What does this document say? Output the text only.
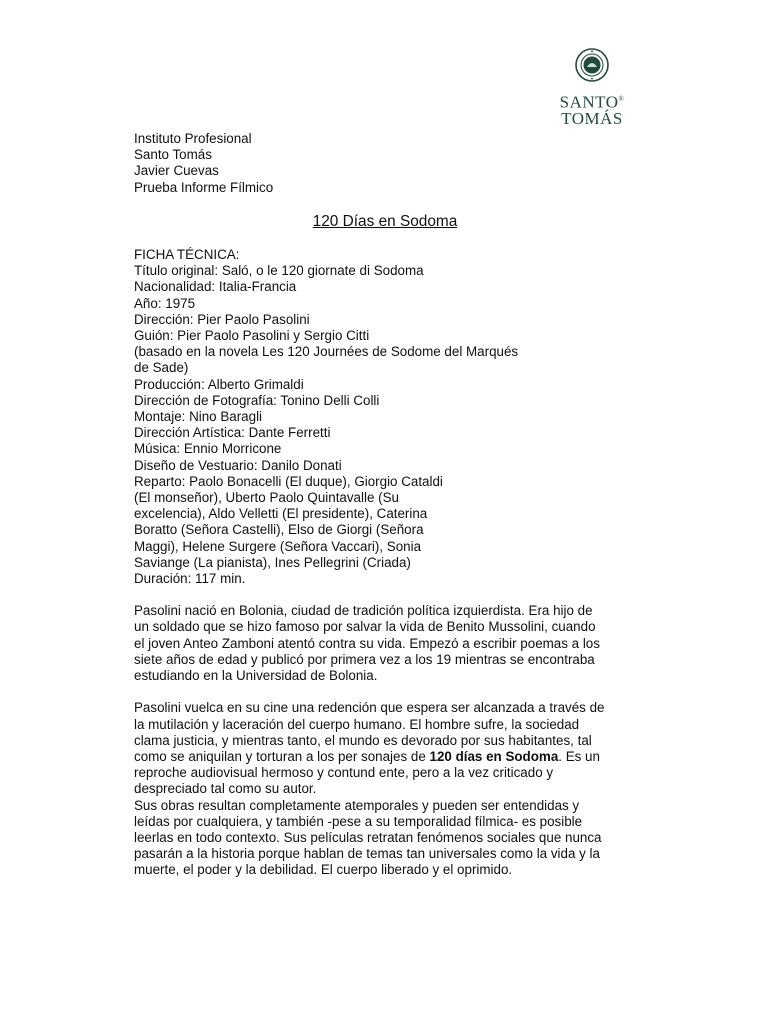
SANTO®
TOMÁS
Instituto Profesional
Santo Tomás
Javier Cuevas
Prueba Informe Fílmico
120 Días en Sodoma
FICHA TÉCNICA:
Título original: Saló, o le 120 giornate di Sodoma
Nacionalidad: Italia-Francia
Año: 1975
Dirección: Pier Paolo Pasolini
Guión: Pier Paolo Pasolini y Sergio Citti
(basado en la novela Les 120 Journées de Sodome del Marqués
de Sade)
Producción: Alberto Grimaldi
Dirección de Fotografía: Tonino Delli Colli
Montaje: Nino Baragli
Dirección Artística: Dante Ferretti
Música: Ennio Morricone
Diseño de Vestuario: Danilo Donati
Reparto: Paolo Bonacelli (El duque), Giorgio Cataldi
(El monseñor), Uberto Paolo Quintavalle (Su
excelencia), Aldo Velletti (El presidente), Caterina
Boratto (Señora Castelli), Elso de Giorgi (Señora
Maggi), Helene Surgere (Señora Vaccari), Sonia
Saviange (La pianista), Ines Pellegrini (Criada)
Duración: 117 min.
Pasolini nació en Bolonia, ciudad de tradición política izquierdista. Era hijo de
un soldado que se hizo famoso por salvar la vida de Benito Mussolini, cuando
el joven Anteo Zamboni atentó contra su vida. Empezó a escribir poemas a los
siete años de edad y publicó por primera vez a los 19 mientras se encontraba
estudiando en la Universidad de Bolonia.
Pasolini vuelca en su cine una redención que espera ser alcanzada a través de
la mutilación y laceración del cuerpo humano. El hombre sufre, la sociedad
clama justicia, y mientras tanto, el mundo es devorado por sus habitantes, tal
como se aniquilan y torturan a los per sonajes de 120 días en Sodoma. Es un
reproche audiovisual hermoso y contund ente, pero a la vez criticado y
despreciado tal como su autor.
Sus obras resultan completamente atemporales y pueden ser entendidas y
leídas por cualquiera, y también -pese a su temporalidad fílmica- es posible
leerlas en todo contexto. Sus películas retratan fenómenos sociales que nunca
pasarán a la historia porque hablan de temas tan universales como la vida y la
muerte, el poder y la debilidad. El cuerpo liberado y el oprimido.
